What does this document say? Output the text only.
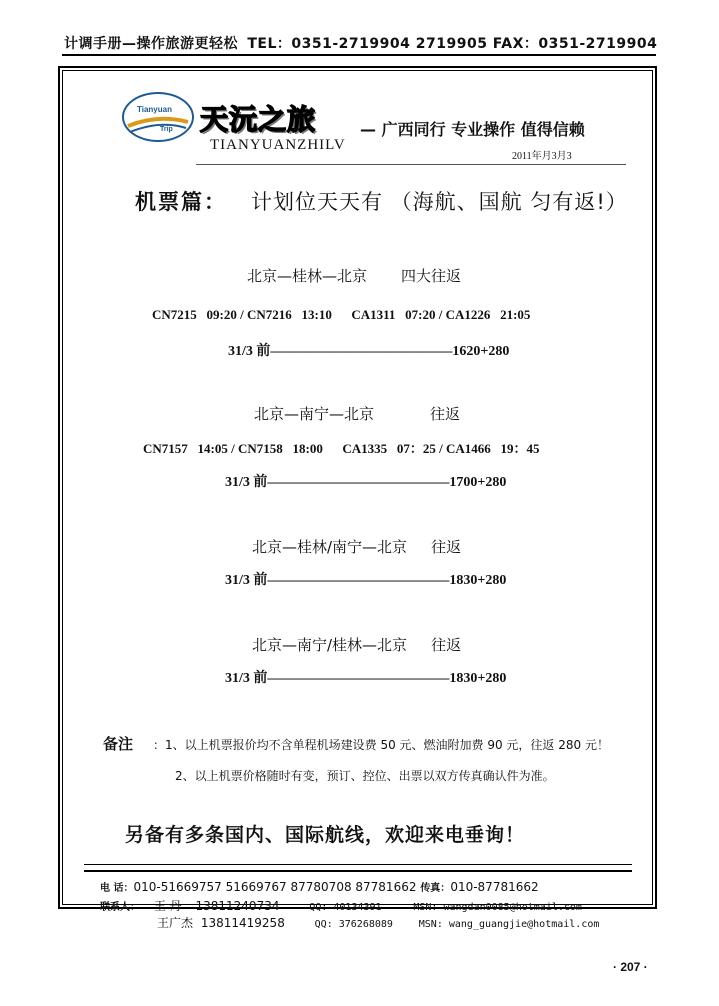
计调手册—操作旅游更轻松 TEL：0351-2719904 2719905 FAX：0351-2719904
Tianyuan
Trip 天沅之旅
TIANYUANZHILV
— 广西同行 专业操作 值得信赖
2011年月3月3
机票篇： 计划位天天有 （海航、国航 匀有返!）
北京—桂林—北京 四大往返
CN7215   09:20 / CN7216   13:10      CA1311   07:20 / CA1226   21:05
31/3 前—————————————1620+280
北京—南宁—北京	往返
CN7157   14:05 / CN7158   18:00      CA1335   07：25 / CA1466   19：45
31/3 前—————————————1700+280
北京—桂林/南宁—北京 往返
31/3 前—————————————1830+280
北京—南宁/桂林—北京 往返
31/3 前—————————————1830+280
备注 ：1、以上机票报价均不含单程机场建设费 50 元、燃油附加费 90 元，往返 280 元！
2、以上机票价格随时有变，预订、控位、出票以双方传真确认件为准。
另备有多条国内、国际航线，欢迎来电垂询！
电 话：010-51669757 51669767 87780708 87781662 传真：010-87781662
联系人： 王 丹 13811240734	QQ: 40134391	MSN: wangdan0085@hotmail.com
王广杰 13811419258	QQ: 376268089	MSN: wang_guangjie@hotmail.com
· 207 ·
